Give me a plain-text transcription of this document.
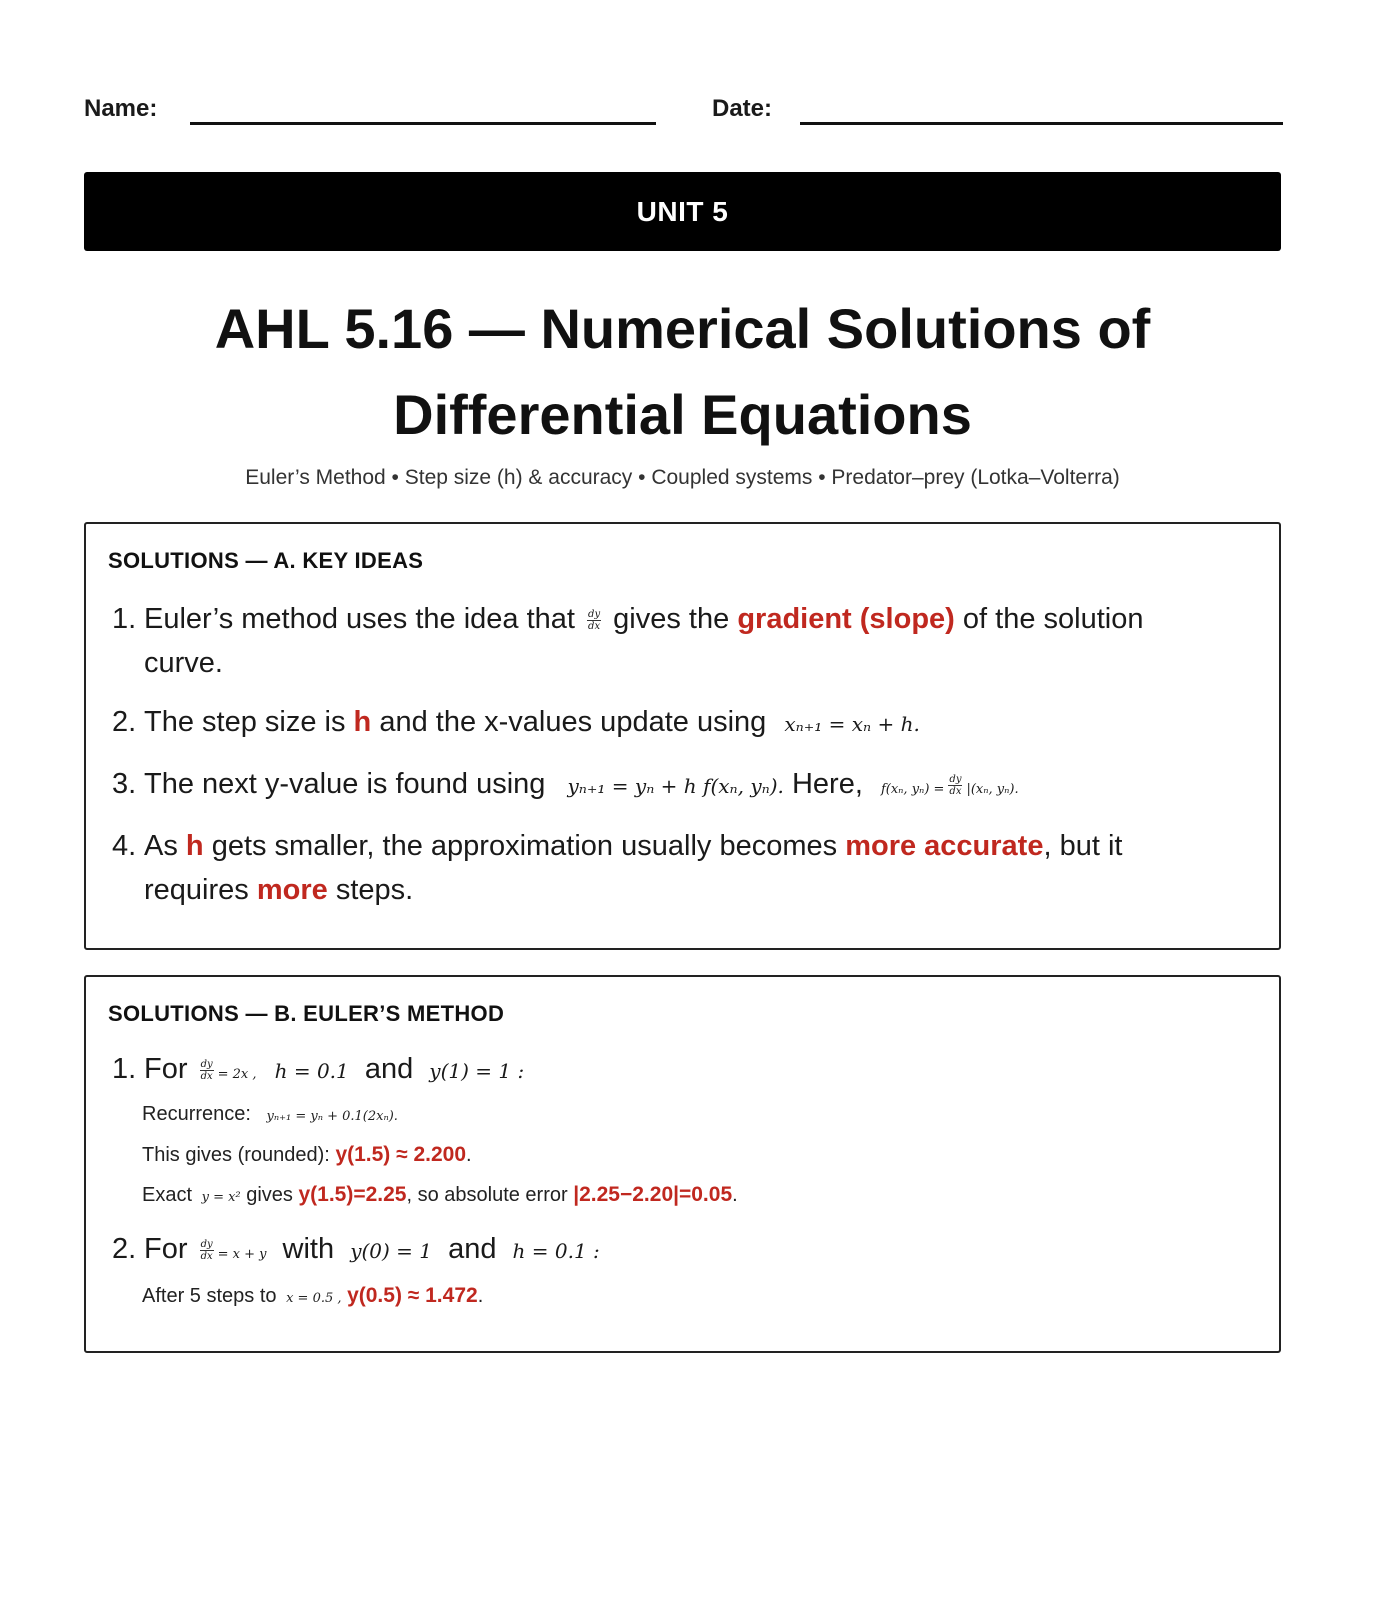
Name:	Date:
UNIT 5
AHL 5.16 — Numerical Solutions of
Differential Equations
Euler’s Method • Step size (h) & accuracy • Coupled systems • Predator–prey (Lotka–Volterra)
SOLUTIONS — A. KEY IDEAS
1. Euler’s method uses the idea that $\frac{dy}{dx}$ gives the gradient (slope) of the solution
curve.
2. The step size is h and the x-values update using xₙ₊₁ = xₙ + h.
3. The next y-value is found using yₙ₊₁ = yₙ + h f(xₙ, yₙ). Here, f(xₙ, $y_n) = \frac{dy}{dx} |(x_n$, yₙ).
4. As h gets smaller, the approximation usually becomes more accurate, but it
requires more steps.
SOLUTIONS — B. EULER’S METHOD
1. For $\frac{dy}{dx} = 2x$ , h = 0.1 and y(1) = 1 :
Recurrence: yₙ₊₁ = yₙ + 0.1(2xₙ).
This gives (rounded): y(1.5) ≈ 2.200.
Exact y = x² gives y(1.5)=2.25, so absolute error |2.25−2.20|=0.05.
2. For $\frac{dy}{dx} = x + y$ with y(0) = 1 and h = 0.1 :
After 5 steps to x = 0.5 , y(0.5) ≈ 1.472.
